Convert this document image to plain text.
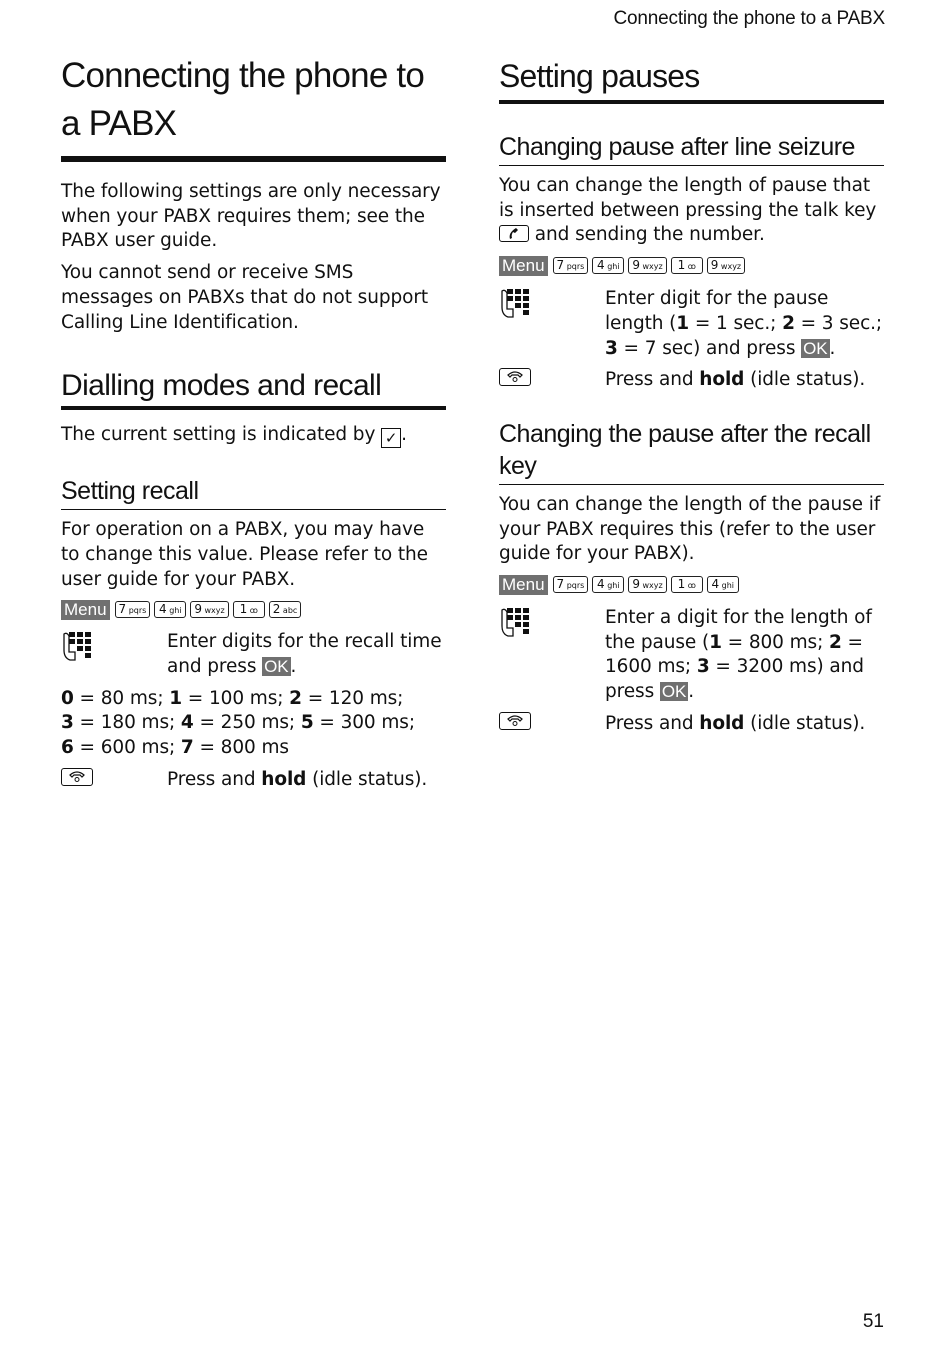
Connecting the phone to a PABX
Connecting the phone to
a PABX

The following settings are only necessary when your PABX requires them; see the PABX user guide.

You cannot send or receive SMS messages on PABXs that do not support Calling Line Identification.

Dialling modes and recall

The current setting is indicated by ✓ .

Setting recall

For operation on a PABX, you may have to change this value. Please refer to the user guide for your PABX.

Menu 7 pqrs 4 ghi 9 wxyz 1 ꝏ 2 abc

Enter digits for the recall time and press OK .

0 = 80 ms; 1 = 100 ms; 2 = 120 ms;
3 = 180 ms; 4 = 250 ms; 5 = 300 ms;
6 = 600 ms; 7 = 800 ms

Press and hold (idle status).

Setting pauses
Changing pause after line seizure

You can change the length of pause that is inserted between pressing the talk key
and sending the number.

Menu 7 pqrs 4 ghi 9 wxyz 1 ꝏ 9 wxyz

Enter digit for the pause length (1 = 1 sec.; 2 = 3 sec.; 3 = 7 sec) and press OK .

Press and hold (idle status).

Changing the pause after the recall key

You can change the length of the pause if your PABX requires this (refer to the user guide for your PABX).

Menu 7 pqrs 4 ghi 9 wxyz 1 ꝏ 4 ghi

Enter a digit for the length of the pause (1 = 800 ms; 2 = 1600 ms; 3 = 3200 ms) and press OK .

Press and hold (idle status).

51
